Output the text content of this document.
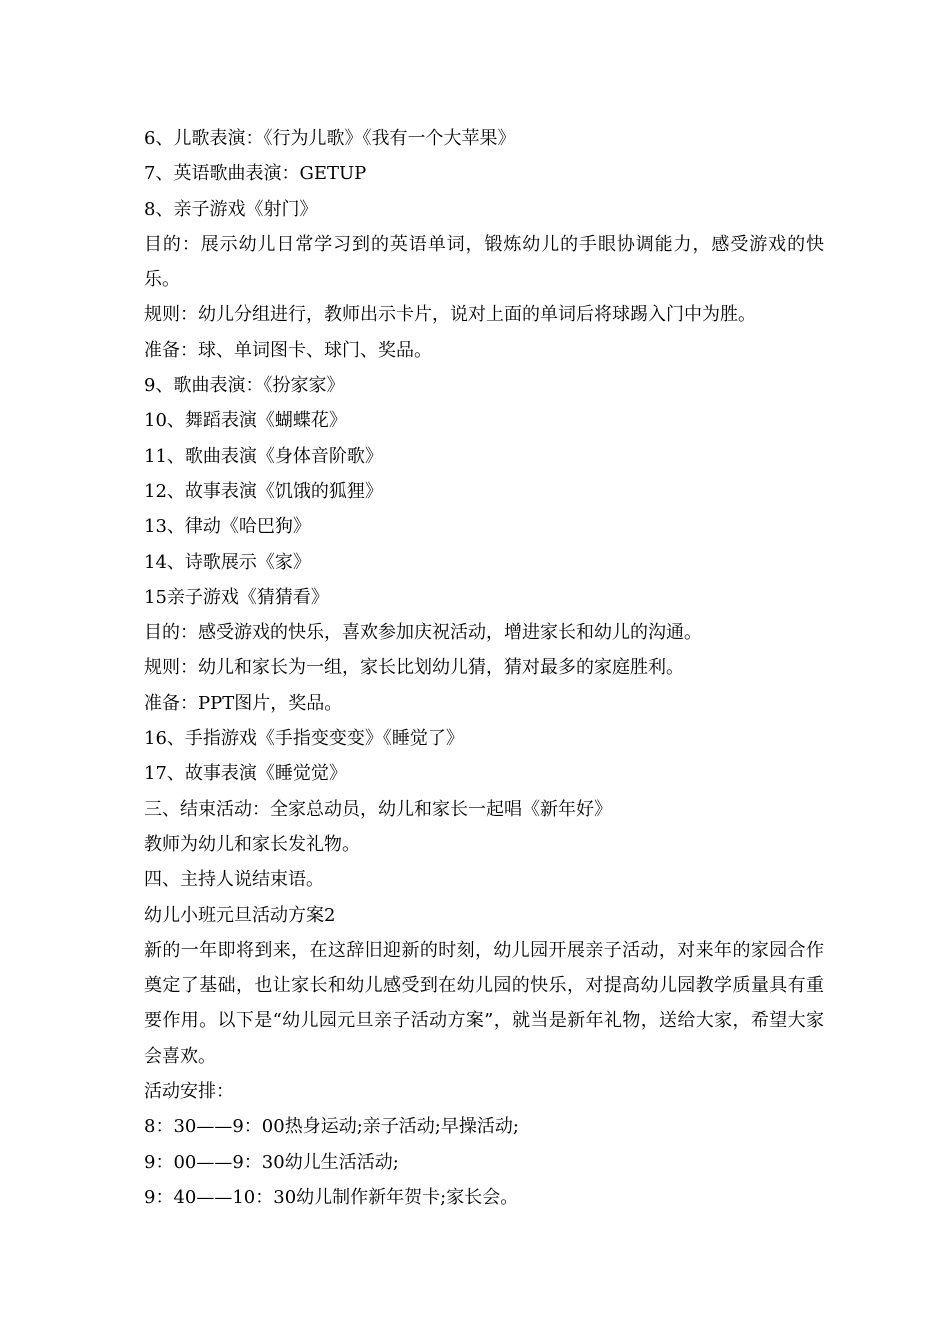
6、儿歌表演：《行为儿歌》《我有一个大苹果》
7、英语歌曲表演：GETUP
8、亲子游戏《射门》
目的：展示幼儿日常学习到的英语单词，锻炼幼儿的手眼协调能力，感受游戏的快乐。
规则：幼儿分组进行，教师出示卡片，说对上面的单词后将球踢入门中为胜。
准备：球、单词图卡、球门、奖品。
9、歌曲表演：《扮家家》
10、舞蹈表演《蝴蝶花》
11、歌曲表演《身体音阶歌》
12、故事表演《饥饿的狐狸》
13、律动《哈巴狗》
14、诗歌展示《家》
15亲子游戏《猜猜看》
目的：感受游戏的快乐，喜欢参加庆祝活动，增进家长和幼儿的沟通。
规则：幼儿和家长为一组，家长比划幼儿猜，猜对最多的家庭胜利。
准备：PPT图片，奖品。
16、手指游戏《手指变变变》《睡觉了》
17、故事表演《睡觉觉》
三、结束活动：全家总动员，幼儿和家长一起唱《新年好》
教师为幼儿和家长发礼物。
四、主持人说结束语。
幼儿小班元旦活动方案2
新的一年即将到来，在这辞旧迎新的时刻，幼儿园开展亲子活动，对来年的家园合作奠定了基础，也让家长和幼儿感受到在幼儿园的快乐，对提高幼儿园教学质量具有重要作用。以下是“幼儿园元旦亲子活动方案”，就当是新年礼物，送给大家，希望大家会喜欢。
活动安排：
8：30——9：00热身运动;亲子活动;早操活动;
9：00——9：30幼儿生活活动;
9：40——10：30幼儿制作新年贺卡;家长会。
